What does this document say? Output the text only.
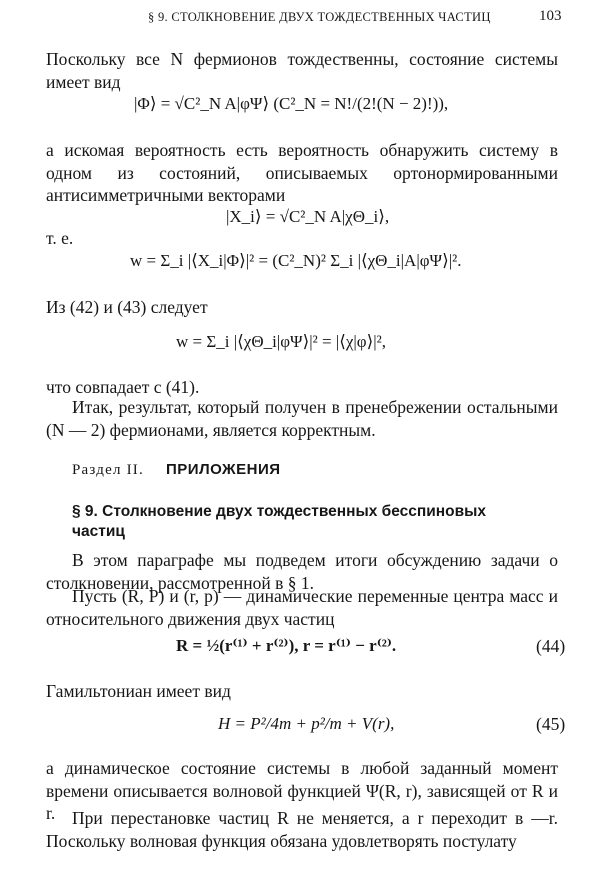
§ 9. СТОЛКНОВЕНИЕ ДВУХ ТОЖДЕСТВЕННЫХ ЧАСТИЦ	103
Поскольку все N фермионов тождественны, состояние системы имеет вид
|Φ⟩ = √C²_N A|φΨ⟩ (C²_N = N!/(2!(N − 2)!)),
а искомая вероятность есть вероятность обнаружить систему в одном из состояний, описываемых ортонормированными антисимметричными векторами
|X_i⟩ = √C²_N A|χΘ_i⟩,
т. е.
w = Σ_i |⟨X_i|Φ⟩|² = (C²_N)² Σ_i |⟨χΘ_i|A|φΨ⟩|².
Из (42) и (43) следует
w = Σ_i |⟨χΘ_i|φΨ⟩|² = |⟨χ|φ⟩|²,
что совпадает с (41).
Итак, результат, который получен в пренебрежении остальными (N — 2) фермионами, является корректным.
Раздел II. ПРИЛОЖЕНИЯ
§ 9. Столкновение двух тождественных бесспиновых частиц
В этом параграфе мы подведем итоги обсуждению задачи о столкновении, рассмотренной в § 1.
Пусть (R, P) и (r, p) — динамические переменные центра масс и относительного движения двух частиц
R = ½(r⁽¹⁾ + r⁽²⁾), r = r⁽¹⁾ − r⁽²⁾.	(44)
Гамильтониан имеет вид
H = P²/4m + p²/m + V(r),	(45)
а динамическое состояние системы в любой заданный момент времени описывается волновой функцией Ψ(R, r), зависящей от R и r. При перестановке частиц R не меняется, а r переходит в —r. Поскольку волновая функция обязана удовлетворять постулату
